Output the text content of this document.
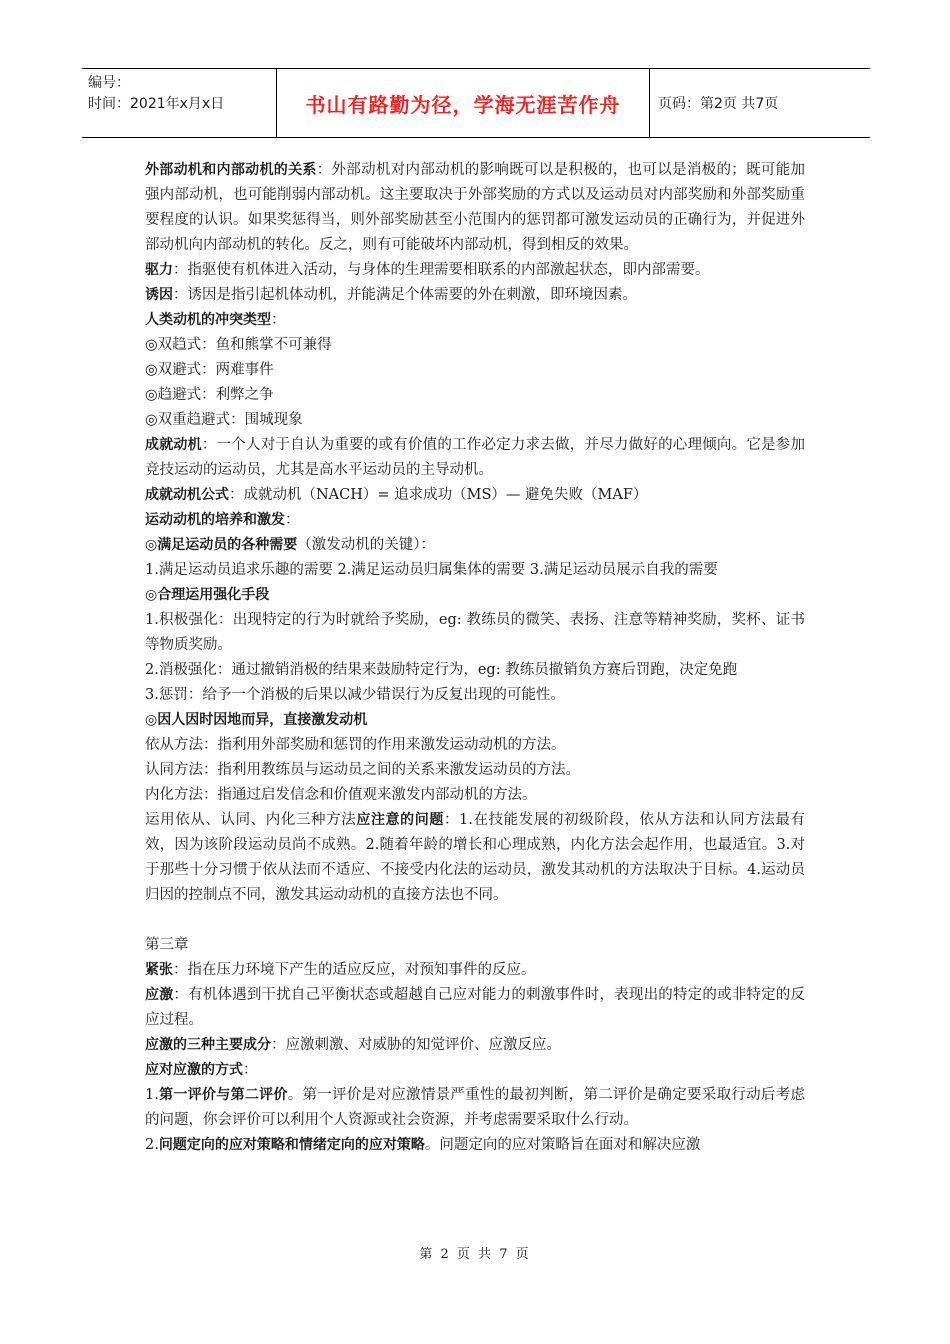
编号：
时间：2021年x月x日	书山有路勤为径，学海无涯苦作舟	页码：第2页 共7页

外部动机和内部动机的关系：外部动机对内部动机的影响既可以是积极的，也可以是消极的；既可能加强内部动机，也可能削弱内部动机。这主要取决于外部奖励的方式以及运动员对内部奖励和外部奖励重要程度的认识。如果奖惩得当，则外部奖励甚至小范围内的惩罚都可激发运动员的正确行为，并促进外部动机向内部动机的转化。反之，则有可能破坏内部动机，得到相反的效果。

驱力：指驱使有机体进入活动，与身体的生理需要相联系的内部激起状态，即内部需要。

诱因：诱因是指引起机体动机，并能满足个体需要的外在刺激，即环境因素。

人类动机的冲突类型：

◎双趋式：鱼和熊掌不可兼得

◎双避式：两难事件

◎趋避式：利弊之争

◎双重趋避式：围城现象

成就动机：一个人对于自认为重要的或有价值的工作必定力求去做，并尽力做好的心理倾向。它是参加竞技运动的运动员，尤其是高水平运动员的主导动机。

成就动机公式：成就动机（NACH）= 追求成功（MS）— 避免失败（MAF）

运动动机的培养和激发：

◎满足运动员的各种需要（激发动机的关键）：

1.满足运动员追求乐趣的需要 2.满足运动员归属集体的需要 3.满足运动员展示自我的需要

◎合理运用强化手段

1.积极强化：出现特定的行为时就给予奖励，eg: 教练员的微笑、表扬、注意等精神奖励，奖杯、证书等物质奖励。

2.消极强化：通过撤销消极的结果来鼓励特定行为，eg: 教练员撤销负方赛后罚跑，决定免跑

3.惩罚：给予一个消极的后果以减少错误行为反复出现的可能性。

◎因人因时因地而异，直接激发动机

依从方法：指利用外部奖励和惩罚的作用来激发运动动机的方法。

认同方法：指利用教练员与运动员之间的关系来激发运动员的方法。

内化方法：指通过启发信念和价值观来激发内部动机的方法。

运用依从、认同、内化三种方法应注意的问题：1.在技能发展的初级阶段，依从方法和认同方法最有效，因为该阶段运动员尚不成熟。2.随着年龄的增长和心理成熟，内化方法会起作用，也最适宜。3.对于那些十分习惯于依从法而不适应、不接受内化法的运动员，激发其动机的方法取决于目标。4.运动员归因的控制点不同，激发其运动动机的直接方法也不同。

第三章

紧张：指在压力环境下产生的适应反应，对预知事件的反应。

应激：有机体遇到干扰自己平衡状态或超越自己应对能力的刺激事件时，表现出的特定的或非特定的反应过程。

应激的三种主要成分：应激刺激、对威胁的知觉评价、应激反应。

应对应激的方式：

1.第一评价与第二评价。第一评价是对应激情景严重性的最初判断，第二评价是确定要采取行动后考虑的问题，你会评价可以利用个人资源或社会资源，并考虑需要采取什么行动。

2.问题定向的应对策略和情绪定向的应对策略。问题定向的应对策略旨在面对和解决应激

第 2 页 共 7 页
